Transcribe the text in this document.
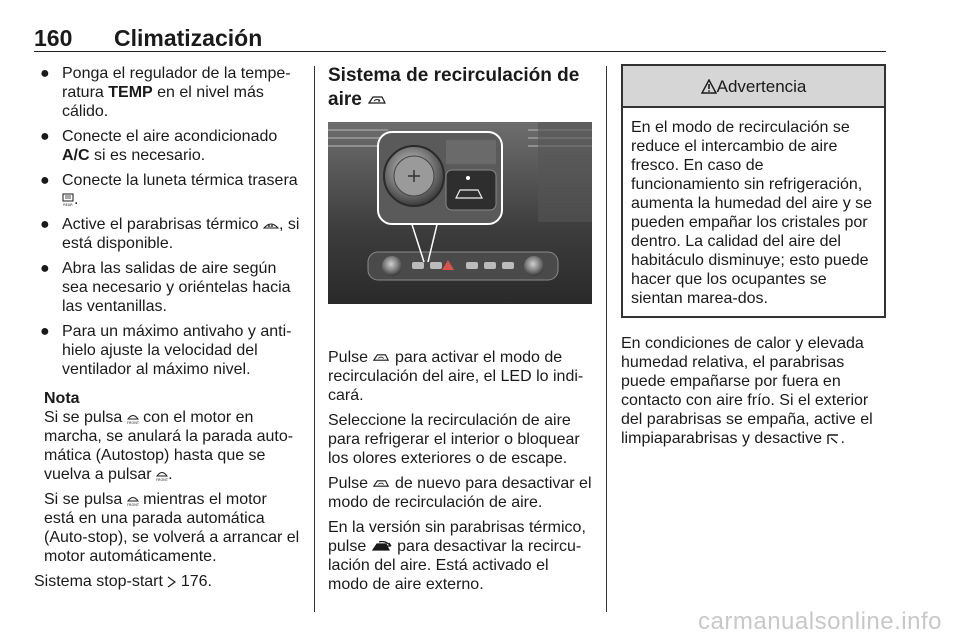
160 Climatización
● Ponga el regulador de la tempe-ratura TEMP en el nivel más cálido.
● Conecte el aire acondicionado A/C si es necesario.
● Conecte la luneta térmica trasera
REAR .
● Active el parabrisas térmico , si está disponible.
● Abra las salidas de aire según sea necesario y oriéntelas hacia las ventanillas.
● Para un máximo antivaho y anti-hielo ajuste la velocidad del ventilador al máximo nivel.
Nota

Si se pulsa FRONT con el motor en marcha, se anulará la parada auto-mática (Autostop) hasta que se vuelva a pulsar FRONT .

Si se pulsa FRONT mientras el motor está en una parada automática (Auto-stop), se volverá a arrancar el motor automáticamente.

Sistema stop-start 176.

Sistema de recirculación de
aire

Pulse para activar el modo de recirculación del aire, el LED lo indi-cará.

Seleccione la recirculación de aire para refrigerar el interior o bloquear los olores exteriores o de escape.

Pulse de nuevo para desactivar el modo de recirculación de aire.

En la versión sin parabrisas térmico, pulse para desactivar la recircu-lación del aire. Está activado el modo de aire externo.

Advertencia
En el modo de recirculación se reduce el intercambio de aire fresco. En caso de funcionamiento sin refrigeración, aumenta la humedad del aire y se pueden empañar los cristales por dentro. La calidad del aire del habitáculo disminuye; esto puede hacer que los ocupantes se sientan marea-dos.

En condiciones de calor y elevada humedad relativa, el parabrisas puede empañarse por fuera en contacto con aire frío. Si el exterior del parabrisas se empaña, active el limpiaparabrisas y desactive .

carmanualsonline.info
